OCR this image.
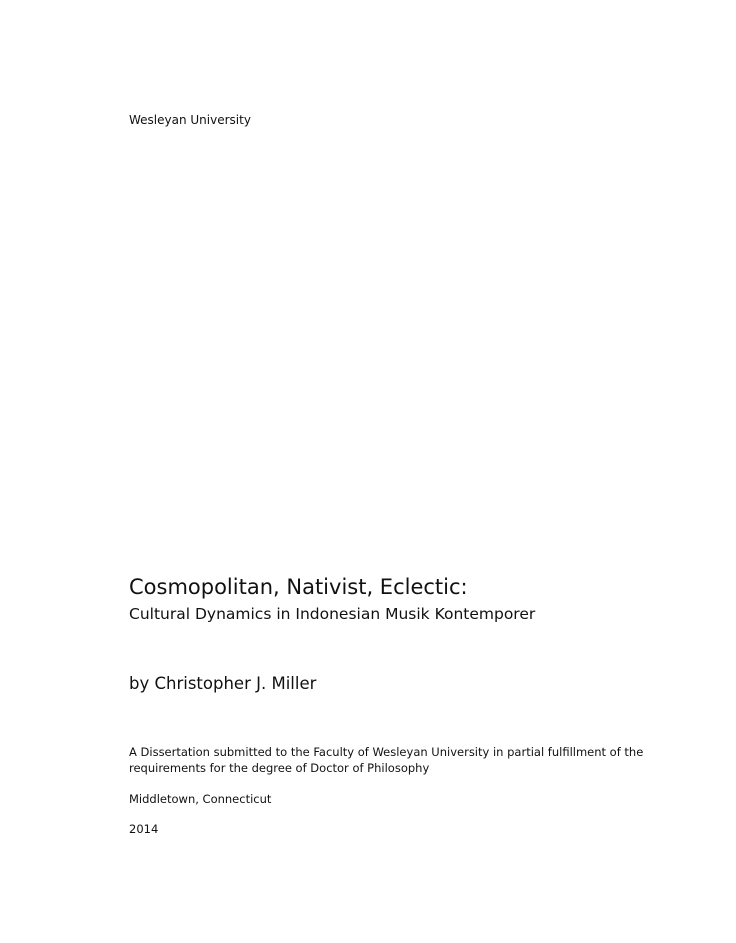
Wesleyan University

Cosmopolitan, Nativist, Eclectic:
Cultural Dynamics in Indonesian Musik Kontemporer

by Christopher J. Miller

A Dissertation submitted to the Faculty of Wesleyan University in partial fulfillment of the
requirements for the degree of Doctor of Philosophy

Middletown, Connecticut

2014
